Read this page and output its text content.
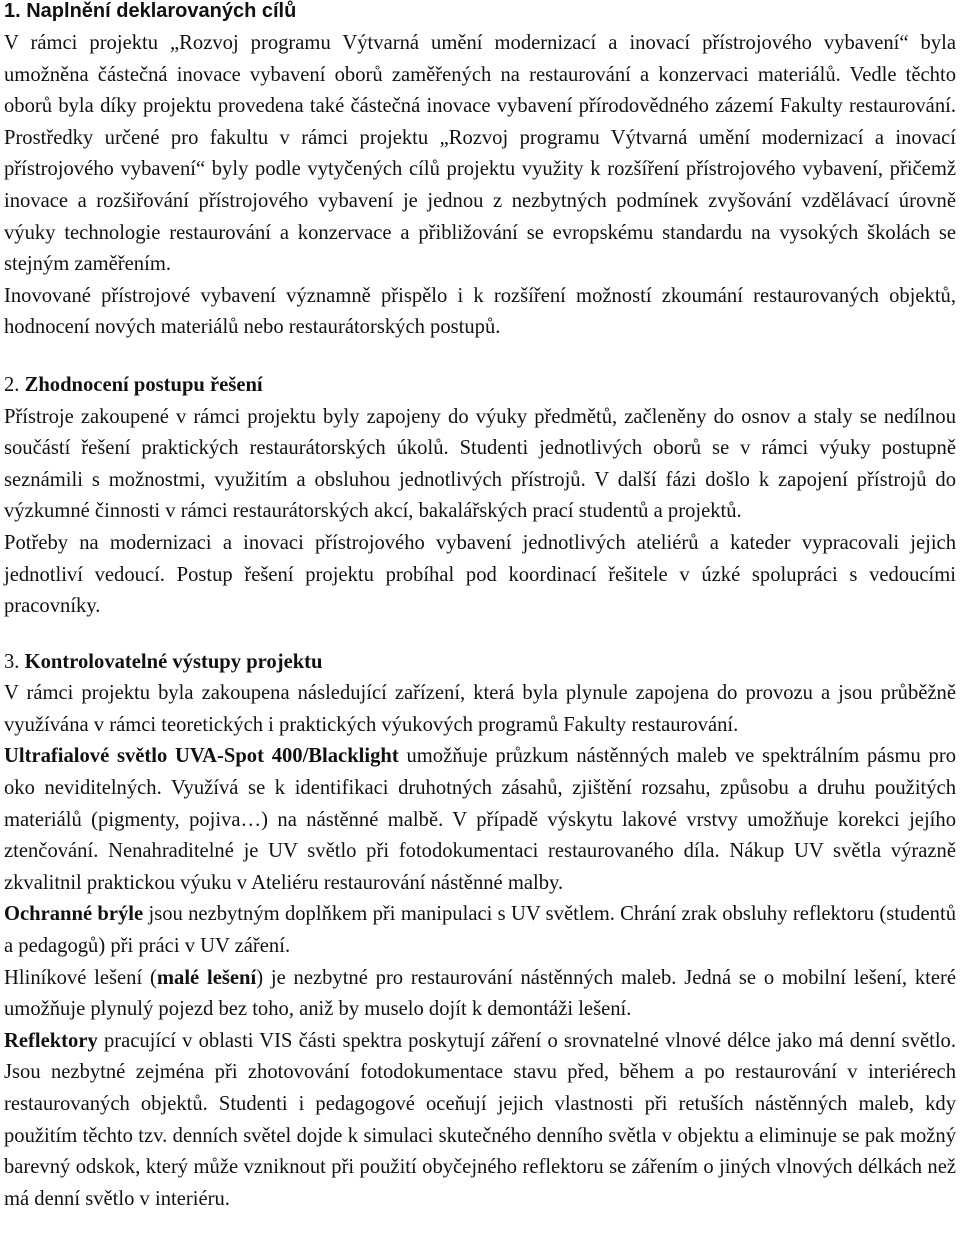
1. Naplnění deklarovaných cílů
V rámci projektu „Rozvoj programu Výtvarná umění modernizací a inovací přístrojového vybavení“ byla umožněna částečná inovace vybavení oborů zaměřených na restaurování a konzervaci materiálů. Vedle těchto oborů byla díky projektu provedena také částečná inovace vybavení přírodovědného zázemí Fakulty restaurování. Prostředky určené pro fakultu v rámci projektu „Rozvoj programu Výtvarná umění modernizací a inovací přístrojového vybavení“ byly podle vytyčených cílů projektu využity k rozšíření přístrojového vybavení, přičemž inovace a rozšiřování přístrojového vybavení je jednou z nezbytných podmínek zvyšování vzdělávací úrovně výuky technologie restaurování a konzervace a přibližování se evropskému standardu na vysokých školách se stejným zaměřením.
Inovované přístrojové vybavení významně přispělo i k rozšíření možností zkoumání restaurovaných objektů, hodnocení nových materiálů nebo restaurátorských postupů.
2. Zhodnocení postupu řešení
Přístroje zakoupené v rámci projektu byly zapojeny do výuky předmětů, začleněny do osnov a staly se nedílnou součástí řešení praktických restaurátorských úkolů. Studenti jednotlivých oborů se v rámci výuky postupně seznámili s možnostmi, využitím a obsluhou jednotlivých přístrojů. V další fázi došlo k zapojení přístrojů do výzkumné činnosti v rámci restaurátorských akcí, bakalářských prací studentů a projektů.
Potřeby na modernizaci a inovaci přístrojového vybavení jednotlivých ateliérů a kateder vypracovali jejich jednotliví vedoucí. Postup řešení projektu probíhal pod koordinací řešitele v úzké spolupráci s vedoucími pracovníky.
3. Kontrolovatelné výstupy projektu
V rámci projektu byla zakoupena následující zařízení, která byla plynule zapojena do provozu a jsou průběžně využívána v rámci teoretických i praktických výukových programů Fakulty restaurování.
Ultrafialové světlo UVA-Spot 400/Blacklight umožňuje průzkum nástěnných maleb ve spektrálním pásmu pro oko neviditelných. Využívá se k identifikaci druhotných zásahů, zjištění rozsahu, způsobu a druhu použitých materiálů (pigmenty, pojiva…) na nástěnné malbě. V případě výskytu lakové vrstvy umožňuje korekci jejího ztenčování. Nenahraditelné je UV světlo při fotodokumentaci restaurovaného díla. Nákup UV světla výrazně zkvalitnil praktickou výuku v Ateliéru restaurování nástěnné malby.
Ochranné brýle jsou nezbytným doplňkem při manipulaci s UV světlem. Chrání zrak obsluhy reflektoru (studentů a pedagogů) při práci v UV záření.
Hliníkové lešení (malé lešení) je nezbytné pro restaurování nástěnných maleb. Jedná se o mobilní lešení, které umožňuje plynulý pojezd bez toho, aniž by muselo dojít k demontáži lešení.
Reflektory pracující v oblasti VIS části spektra poskytují záření o srovnatelné vlnové délce jako má denní světlo. Jsou nezbytné zejména při zhotovování fotodokumentace stavu před, během a po restaurování v interiérech restaurovaných objektů. Studenti i pedagogové oceňují jejich vlastnosti při retuších nástěnných maleb, kdy použitím těchto tzv. denních světel dojde k simulaci skutečného denního světla v objektu a eliminuje se pak možný barevný odskok, který může vzniknout při použití obyčejného reflektoru se zářením o jiných vlnových délkách než má denní světlo v interiéru.
